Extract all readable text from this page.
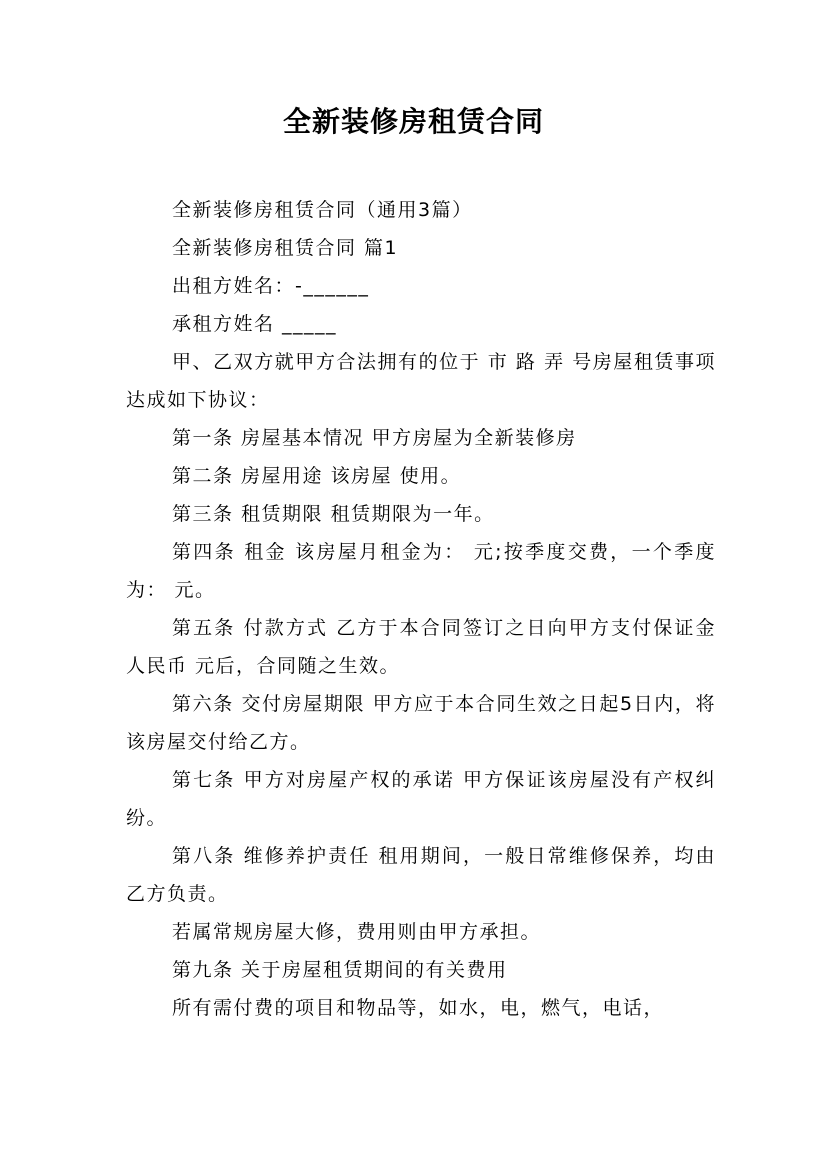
全新装修房租赁合同

全新装修房租赁合同（通用3篇）

全新装修房租赁合同 篇1

出租方姓名：-______

承租方姓名 _____

甲、乙双方就甲方合法拥有的位于 市 路 弄 号房屋租赁事项达成如下协议：

第一条 房屋基本情况 甲方房屋为全新装修房

第二条 房屋用途 该房屋 使用。

第三条 租赁期限 租赁期限为一年。

第四条 租金 该房屋月租金为： 元;按季度交费，一个季度为： 元。

第五条 付款方式 乙方于本合同签订之日向甲方支付保证金人民币 元后，合同随之生效。

第六条 交付房屋期限 甲方应于本合同生效之日起5日内，将该房屋交付给乙方。

第七条 甲方对房屋产权的承诺 甲方保证该房屋没有产权纠纷。

第八条 维修养护责任 租用期间，一般日常维修保养，均由乙方负责。

若属常规房屋大修，费用则由甲方承担。

第九条 关于房屋租赁期间的有关费用

所有需付费的项目和物品等，如水，电，燃气，电话，
